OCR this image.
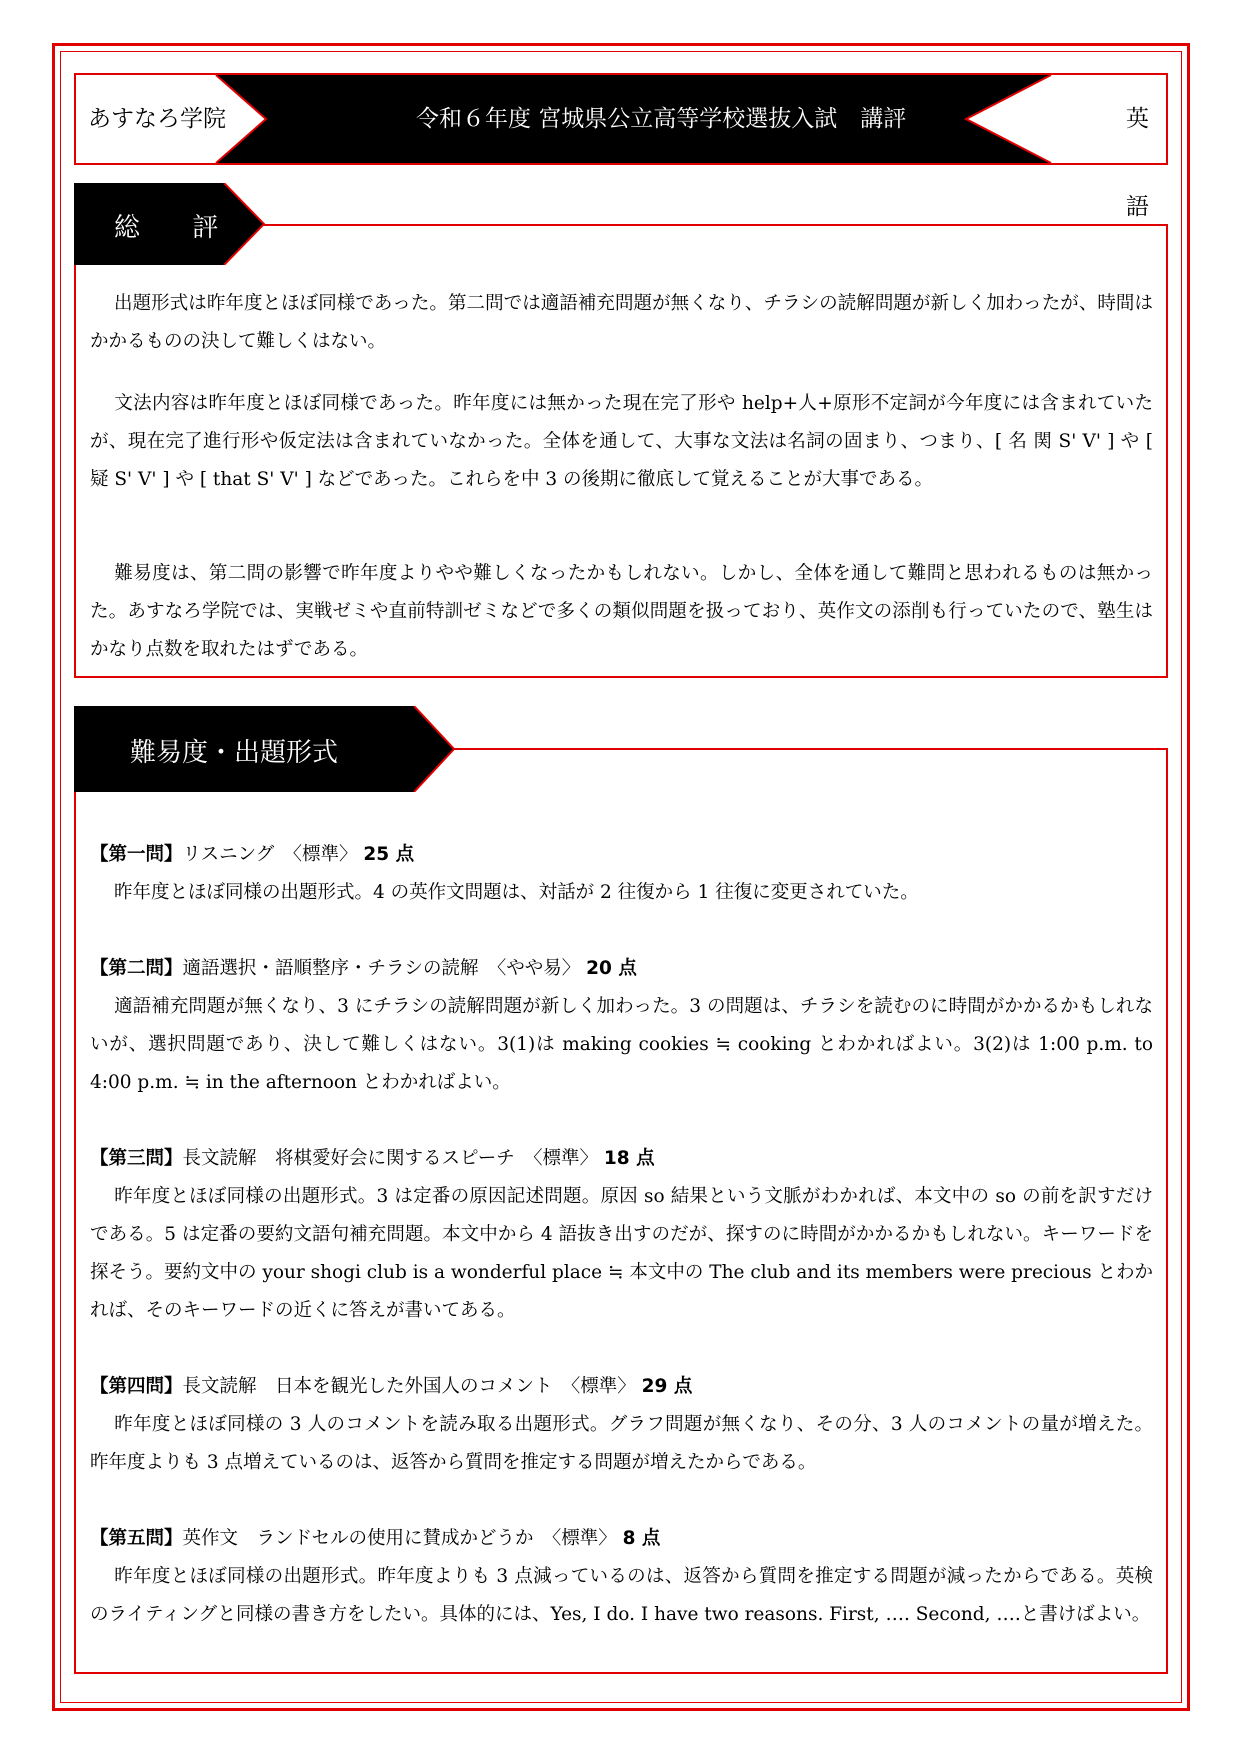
あすなろ学院	令和６年度 宮城県公立高等学校選抜入試　講評	英語
総 評
出題形式は昨年度とほぼ同様であった。第二問では適語補充問題が無くなり、チラシの読解問題が新しく加わったが、時間はかかるものの決して難しくはない。
文法内容は昨年度とほぼ同様であった。昨年度には無かった現在完了形や help+人+原形不定詞が今年度には含まれていたが、現在完了進行形や仮定法は含まれていなかった。全体を通して、大事な文法は名詞の固まり、つまり、[ 名 関 S' V' ] や [ 疑 S' V' ] や [ that S' V' ] などであった。これらを中 3 の後期に徹底して覚えることが大事である。
難易度は、第二問の影響で昨年度よりやや難しくなったかもしれない。しかし、全体を通して難問と思われるものは無かった。あすなろ学院では、実戦ゼミや直前特訓ゼミなどで多くの類似問題を扱っており、英作文の添削も行っていたので、塾生はかなり点数を取れたはずである。
難易度・出題形式
【第一問】リスニング　〈標準〉 25 点
昨年度とほぼ同様の出題形式。4 の英作文問題は、対話が 2 往復から 1 往復に変更されていた。
【第二問】適語選択・語順整序・チラシの読解　〈やや易〉 20 点
適語補充問題が無くなり、3 にチラシの読解問題が新しく加わった。3 の問題は、チラシを読むのに時間がかかるかもしれないが、選択問題であり、決して難しくはない。3(1)は making cookies ≒ cooking とわかればよい。3(2)は 1:00 p.m. to 4:00 p.m. ≒ in the afternoon とわかればよい。
【第三問】長文読解　将棋愛好会に関するスピーチ　〈標準〉 18 点
昨年度とほぼ同様の出題形式。3 は定番の原因記述問題。原因 so 結果という文脈がわかれば、本文中の so の前を訳すだけである。5 は定番の要約文語句補充問題。本文中から 4 語抜き出すのだが、探すのに時間がかかるかもしれない。キーワードを探そう。要約文中の your shogi club is a wonderful place ≒ 本文中の The club and its members were precious とわかれば、そのキーワードの近くに答えが書いてある。
【第四問】長文読解　日本を観光した外国人のコメント　〈標準〉 29 点
昨年度とほぼ同様の 3 人のコメントを読み取る出題形式。グラフ問題が無くなり、その分、3 人のコメントの量が増えた。昨年度よりも 3 点増えているのは、返答から質問を推定する問題が増えたからである。
【第五問】英作文　ランドセルの使用に賛成かどうか　〈標準〉 8 点
昨年度とほぼ同様の出題形式。昨年度よりも 3 点減っているのは、返答から質問を推定する問題が減ったからである。英検のライティングと同様の書き方をしたい。具体的には、Yes, I do. I have two reasons. First, …. Second, ….と書けばよい。
